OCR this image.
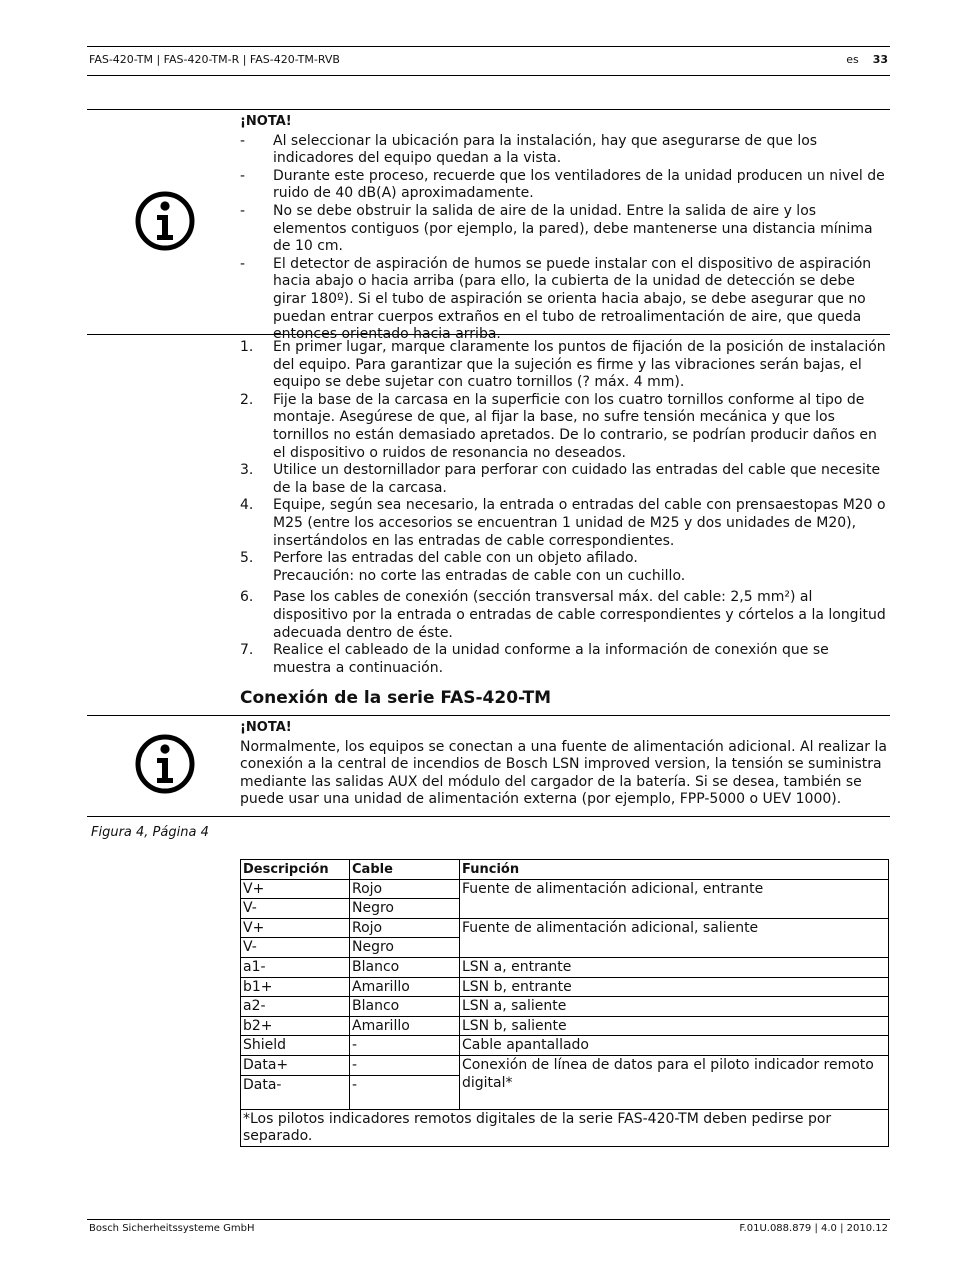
FAS-420-TM | FAS-420-TM-R | FAS-420-TM-RVB	es 33
¡NOTA!
- Al seleccionar la ubicación para la instalación, hay que asegurarse de que los indicadores del equipo quedan a la vista.
- Durante este proceso, recuerde que los ventiladores de la unidad producen un nivel de ruido de 40 dB(A) aproximadamente.
- No se debe obstruir la salida de aire de la unidad. Entre la salida de aire y los elementos contiguos (por ejemplo, la pared), debe mantenerse una distancia mínima de 10 cm.
- El detector de aspiración de humos se puede instalar con el dispositivo de aspiración hacia abajo o hacia arriba (para ello, la cubierta de la unidad de detección se debe girar 180º). Si el tubo de aspiración se orienta hacia abajo, se debe asegurar que no puedan entrar cuerpos extraños en el tubo de retroalimentación de aire, que queda entonces orientado hacia arriba.
1. En primer lugar, marque claramente los puntos de fijación de la posición de instalación del equipo. Para garantizar que la sujeción es firme y las vibraciones serán bajas, el equipo se debe sujetar con cuatro tornillos (? máx. 4 mm).
2. Fije la base de la carcasa en la superficie con los cuatro tornillos conforme al tipo de montaje. Asegúrese de que, al fijar la base, no sufre tensión mecánica y que los tornillos no están demasiado apretados. De lo contrario, se podrían producir daños en el dispositivo o ruidos de resonancia no deseados.
3. Utilice un destornillador para perforar con cuidado las entradas del cable que necesite de la base de la carcasa.
4. Equipe, según sea necesario, la entrada o entradas del cable con prensaestopas M20 o M25 (entre los accesorios se encuentran 1 unidad de M25 y dos unidades de M20), insertándolos en las entradas de cable correspondientes.
5. Perfore las entradas del cable con un objeto afilado.
Precaución: no corte las entradas de cable con un cuchillo.
6. Pase los cables de conexión (sección transversal máx. del cable: 2,5 mm²) al dispositivo por la entrada o entradas de cable correspondientes y córtelos a la longitud adecuada dentro de éste.
7. Realice el cableado de la unidad conforme a la información de conexión que se muestra a continuación.
Conexión de la serie FAS-420-TM
¡NOTA!
Normalmente, los equipos se conectan a una fuente de alimentación adicional. Al realizar la conexión a la central de incendios de Bosch LSN improved version, la tensión se suministra mediante las salidas AUX del módulo del cargador de la batería. Si se desea, también se puede usar una unidad de alimentación externa (por ejemplo, FPP-5000 o UEV 1000).
Figura 4, Página 4
Descripción	Cable	Función
V+	Rojo	Fuente de alimentación adicional, entrante
V-	Negro	
V+	Rojo	Fuente de alimentación adicional, saliente
V-	Negro	
a1-	Blanco	LSN a, entrante
b1+	Amarillo	LSN b, entrante
a2-	Blanco	LSN a, saliente
b2+	Amarillo	LSN b, saliente
Shield	-	Cable apantallado
Data+	-	Conexión de línea de datos para el piloto indicador remoto digital*
Data-	-	
*Los pilotos indicadores remotos digitales de la serie FAS-420-TM deben pedirse por separado.		
Bosch Sicherheitssysteme GmbH	F.01U.088.879 | 4.0 | 2010.12
